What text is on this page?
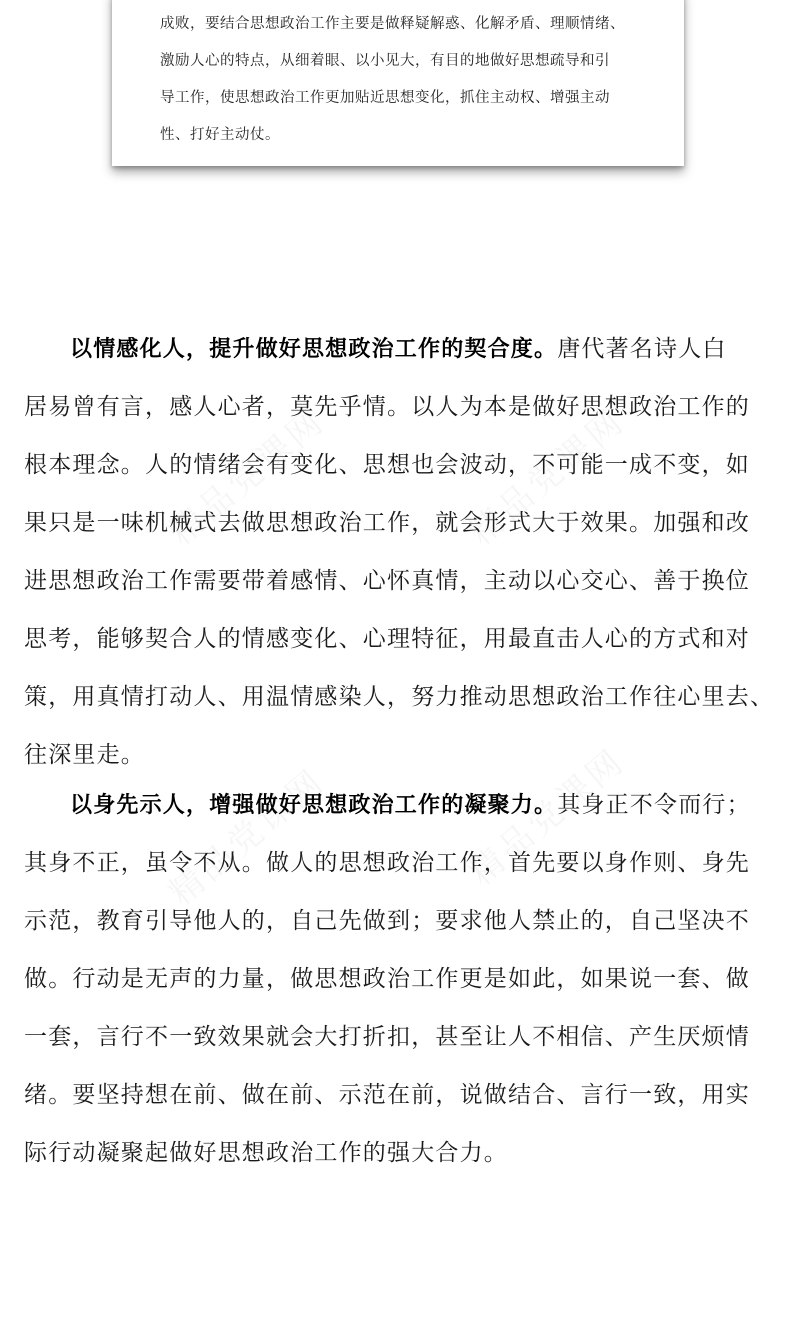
成败，要结合思想政治工作主要是做释疑解惑、化解矛盾、理顺情绪、
激励人心的特点，从细着眼、以小见大，有目的地做好思想疏导和引
导工作，使思想政治工作更加贴近思想变化，抓住主动权、增强主动
性、打好主动仗。
以情感化人，提升做好思想政治工作的契合度。唐代著名诗人白
居易曾有言，感人心者，莫先乎情。以人为本是做好思想政治工作的
根本理念。人的情绪会有变化、思想也会波动，不可能一成不变，如
果只是一味机械式去做思想政治工作，就会形式大于效果。加强和改
进思想政治工作需要带着感情、心怀真情，主动以心交心、善于换位
思考，能够契合人的情感变化、心理特征，用最直击人心的方式和对
策，用真情打动人、用温情感染人，努力推动思想政治工作往心里去、
往深里走。
以身先示人，增强做好思想政治工作的凝聚力。其身正不令而行；
其身不正，虽令不从。做人的思想政治工作，首先要以身作则、身先
示范，教育引导他人的，自己先做到；要求他人禁止的，自己坚决不
做。行动是无声的力量，做思想政治工作更是如此，如果说一套、做
一套，言行不一致效果就会大打折扣，甚至让人不相信、产生厌烦情
绪。要坚持想在前、做在前、示范在前，说做结合、言行一致，用实
际行动凝聚起做好思想政治工作的强大合力。
